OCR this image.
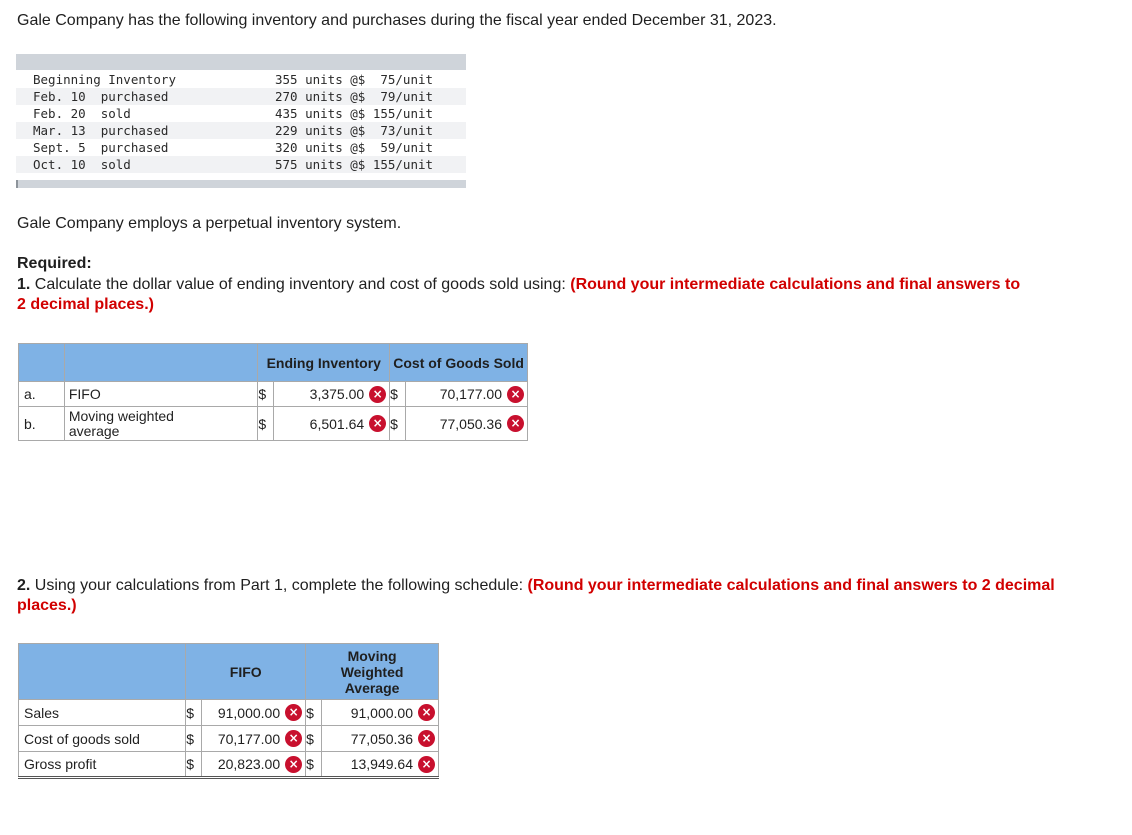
Gale Company has the following inventory and purchases during the fiscal year ended December 31, 2023.
Beginning Inventory	355 units @$  75/unit
Feb. 10  purchased	270 units @$  79/unit
Feb. 20  sold	435 units @$ 155/unit
Mar. 13  purchased	229 units @$  73/unit
Sept. 5  purchased	320 units @$  59/unit
Oct. 10  sold	575 units @$ 155/unit
Gale Company employs a perpetual inventory system.
Required:
1. Calculate the dollar value of ending inventory and cost of goods sold using: (Round your intermediate calculations and final answers to 2 decimal places.)
		Ending Inventory		Cost of Goods Sold	
a.	FIFO	$	3,375.00 ×	$	70,177.00 ×

b.	Moving weighted average	$	6,501.64 ×	$	77,050.36 ×
2. Using your calculations from Part 1, complete the following schedule: (Round your intermediate calculations and final answers to 2 decimal places.)
	FIFO		Moving Weighted Average	
Sales	$	91,000.00 ×	$	91,000.00 ×

Cost of goods sold	$	70,177.00 ×	$	77,050.36 ×

Gross profit	$	20,823.00 ×	$	13,949.64 ×
